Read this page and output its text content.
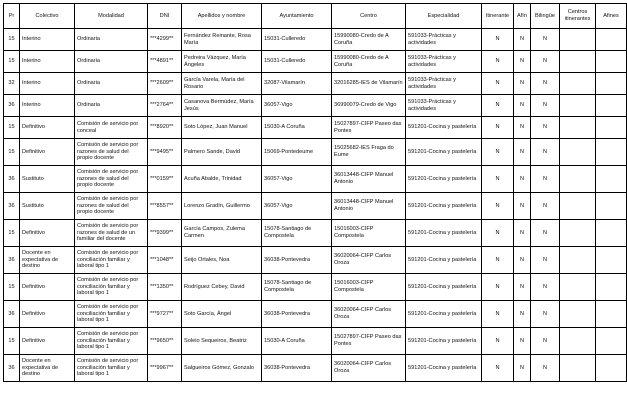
Pr	Colectivo	Modalidad	DNI	Apellidos y nombre	Ayuntamiento	Centro	Especialidad	Itinerante	Afín	Bilingüe	Centros itinerantes	Afines
15	Interino	Ordinaria	***4299**	Fernández Reinante, Rosa María	15031-Culleredo	15990080-Credo de A Coruña	591033-Prácticas y actividades	N	N	N		
15	Interino	Ordinaria	***4891**	Pedreira Vázquez, María Ángeles	15031-Culleredo	15990080-Credo de A Coruña	591033-Prácticas y actividades	N	N	N		
32	Interino	Ordinaria	***2609**	García Varela, María del Rosario	32087-Vilamarín	32016285-IES de Vilamarín	591033-Prácticas y actividades	N	N	N		
36	Interino	Ordinaria	***2764**	Casanova Bermúdez, María Jesús	36057-Vigo	36990079-Credo de Vigo	591033-Prácticas y actividades	N	N	N		
15	Definitivo	Comisión de servicio por conceal	***8920**	Soto López, Juan Manuel	15030-A Coruña	15027897-CIFP Paseo das Pontes	591201-Cocina y pastelería	N	N	N		
15	Definitivo	Comisión de servicio por razones de salud del propio docente	***9495**	Palmero Sande, David	15069-Pontedeume	15025682-IES Fraga do Eume	591201-Cocina y pastelería	N	N	N		
36	Sustituto	Comisión de servicio por razones de salud del propio docente	***0159**	Acuña Abalde, Trinidad	36057-Vigo	36013448-CIFP Manuel Antonio	591201-Cocina y pastelería	N	N	N		
36	Sustituto	Comisión de servicio por razones de salud del propio docente	***8557**	Lorenzo Gradín, Guillermo	36057-Vigo	36013448-CIFP Manuel Antonio	591201-Cocina y pastelería	N	N	N		
15	Definitivo	Comisión de servicio por razones de salud de un familiar del docente	***9399**	García Campos, Zulema Carmen	15078-Santiago de Compostela	15016003-CIFP Compostela	591201-Cocina y pastelería	N	N	N		
36	Docente en expectativa de destino	Comisión de servicio por conciliación familiar y laboral tipo 1	***1048**	Seijo Ortales, Noa	36038-Pontevedra	36020064-CIFP Carlos Oroza	591201-Cocina y pastelería	N	N	N		
15	Definitivo	Comisión de servicio por conciliación familiar y laboral tipo 1	***1350**	Rodríguez Cebey, David	15078-Santiago de Compostela	15016003-CIFP Compostela	591201-Cocina y pastelería	N	N	N		
36	Definitivo	Comisión de servicio por conciliación familiar y laboral tipo 1	***9727**	Soto García, Ángel	36038-Pontevedra	36020064-CIFP Carlos Oroza	591201-Cocina y pastelería	N	N	N		
15	Definitivo	Comisión de servicio por conciliación familiar y laboral tipo 1	***9650**	Soleio Sequeiros, Beatriz	15030-A Coruña	15027897-CIFP Paseo das Pontes	591201-Cocina y pastelería	N	N	N		
36	Docente en expectativa de destino	Comisión de servicio por conciliación familiar y laboral tipo 1	***9967**	Salgueiros Gómez, Gonzalo	36038-Pontevedra	36020064-CIFP Carlos Oroza	591201-Cocina y pastelería	N	N	N		
